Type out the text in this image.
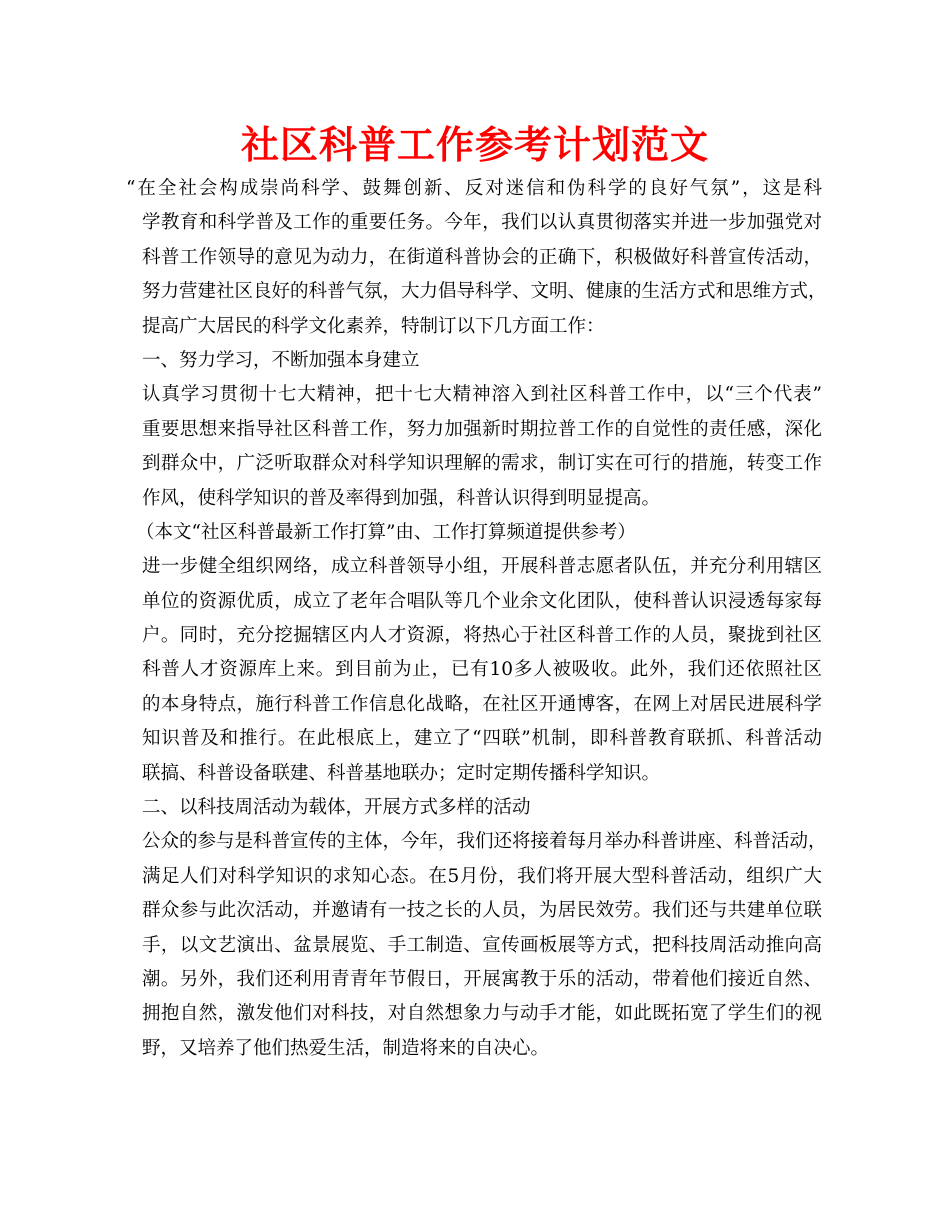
社区科普工作参考计划范文
“在全社会构成崇尚科学、鼓舞创新、反对迷信和伪科学的良好气氛”，这是科
学教育和科学普及工作的重要任务。今年，我们以认真贯彻落实并进一步加强党对
科普工作领导的意见为动力，在街道科普协会的正确下，积极做好科普宣传活动，
努力营建社区良好的科普气氛，大力倡导科学、文明、健康的生活方式和思维方式，
提高广大居民的科学文化素养，特制订以下几方面工作：
一、努力学习，不断加强本身建立
认真学习贯彻十七大精神，把十七大精神溶入到社区科普工作中，以“三个代表”
重要思想来指导社区科普工作，努力加强新时期拉普工作的自觉性的责任感，深化
到群众中，广泛听取群众对科学知识理解的需求，制订实在可行的措施，转变工作
作风，使科学知识的普及率得到加强，科普认识得到明显提高。
（本文“社区科普最新工作打算”由、工作打算频道提供参考）
进一步健全组织网络，成立科普领导小组，开展科普志愿者队伍，并充分利用辖区
单位的资源优质，成立了老年合唱队等几个业余文化团队，使科普认识浸透每家每
户。同时，充分挖掘辖区内人才资源，将热心于社区科普工作的人员，聚拢到社区
科普人才资源库上来。到目前为止，已有10多人被吸收。此外，我们还依照社区
的本身特点，施行科普工作信息化战略，在社区开通博客，在网上对居民进展科学
知识普及和推行。在此根底上，建立了“四联”机制，即科普教育联抓、科普活动
联搞、科普设备联建、科普基地联办；定时定期传播科学知识。
二、以科技周活动为载体，开展方式多样的活动
公众的参与是科普宣传的主体，今年，我们还将接着每月举办科普讲座、科普活动，
满足人们对科学知识的求知心态。在5月份，我们将开展大型科普活动，组织广大
群众参与此次活动，并邀请有一技之长的人员，为居民效劳。我们还与共建单位联
手，以文艺演出、盆景展览、手工制造、宣传画板展等方式，把科技周活动推向高
潮。另外，我们还利用青青年节假日，开展寓教于乐的活动，带着他们接近自然、
拥抱自然，激发他们对科技，对自然想象力与动手才能，如此既拓宽了学生们的视
野，又培养了他们热爱生活，制造将来的自决心。
